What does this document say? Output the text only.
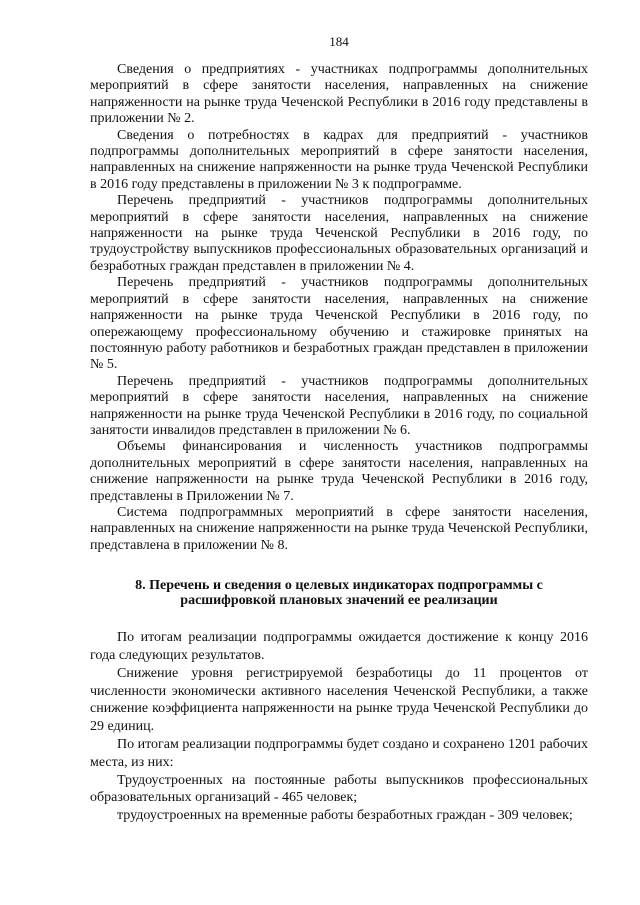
184

Сведения о предприятиях - участниках подпрограммы дополнительных мероприятий в сфере занятости населения, направленных на снижение напряженности на рынке труда Чеченской Республики в 2016 году представлены в приложении № 2.

Сведения о потребностях в кадрах для предприятий - участников подпрограммы дополнительных мероприятий в сфере занятости населения, направленных на снижение напряженности на рынке труда Чеченской Республики в 2016 году представлены в приложении № 3 к подпрограмме.

Перечень предприятий - участников подпрограммы дополнительных мероприятий в сфере занятости населения, направленных на снижение напряженности на рынке труда Чеченской Республики в 2016 году, по трудоустройству выпускников профессиональных образовательных организаций и безработных граждан представлен в приложении № 4.

Перечень предприятий - участников подпрограммы дополнительных мероприятий в сфере занятости населения, направленных на снижение напряженности на рынке труда Чеченской Республики в 2016 году, по опережающему профессиональному обучению и стажировке принятых на постоянную работу работников и безработных граждан представлен в приложении № 5.

Перечень предприятий - участников подпрограммы дополнительных мероприятий в сфере занятости населения, направленных на снижение напряженности на рынке труда Чеченской Республики в 2016 году, по социальной занятости инвалидов представлен в приложении № 6.

Объемы финансирования и численность участников подпрограммы дополнительных мероприятий в сфере занятости населения, направленных на снижение напряженности на рынке труда Чеченской Республики в 2016 году, представлены в Приложении № 7.

Система подпрограммных мероприятий в сфере занятости населения, направленных на снижение напряженности на рынке труда Чеченской Республики, представлена в приложении № 8.

8. Перечень и сведения о целевых индикаторах подпрограммы с
расшифровкой плановых значений ее реализации

По итогам реализации подпрограммы ожидается достижение к концу 2016 года следующих результатов.

Снижение уровня регистрируемой безработицы до 11 процентов от численности экономически активного населения Чеченской Республики, а также снижение коэффициента напряженности на рынке труда Чеченской Республики до 29 единиц.

По итогам реализации подпрограммы будет создано и сохранено 1201 рабочих места, из них:

Трудоустроенных на постоянные работы выпускников профессиональных образовательных организаций - 465 человек;

трудоустроенных на временные работы безработных граждан - 309 человек;
